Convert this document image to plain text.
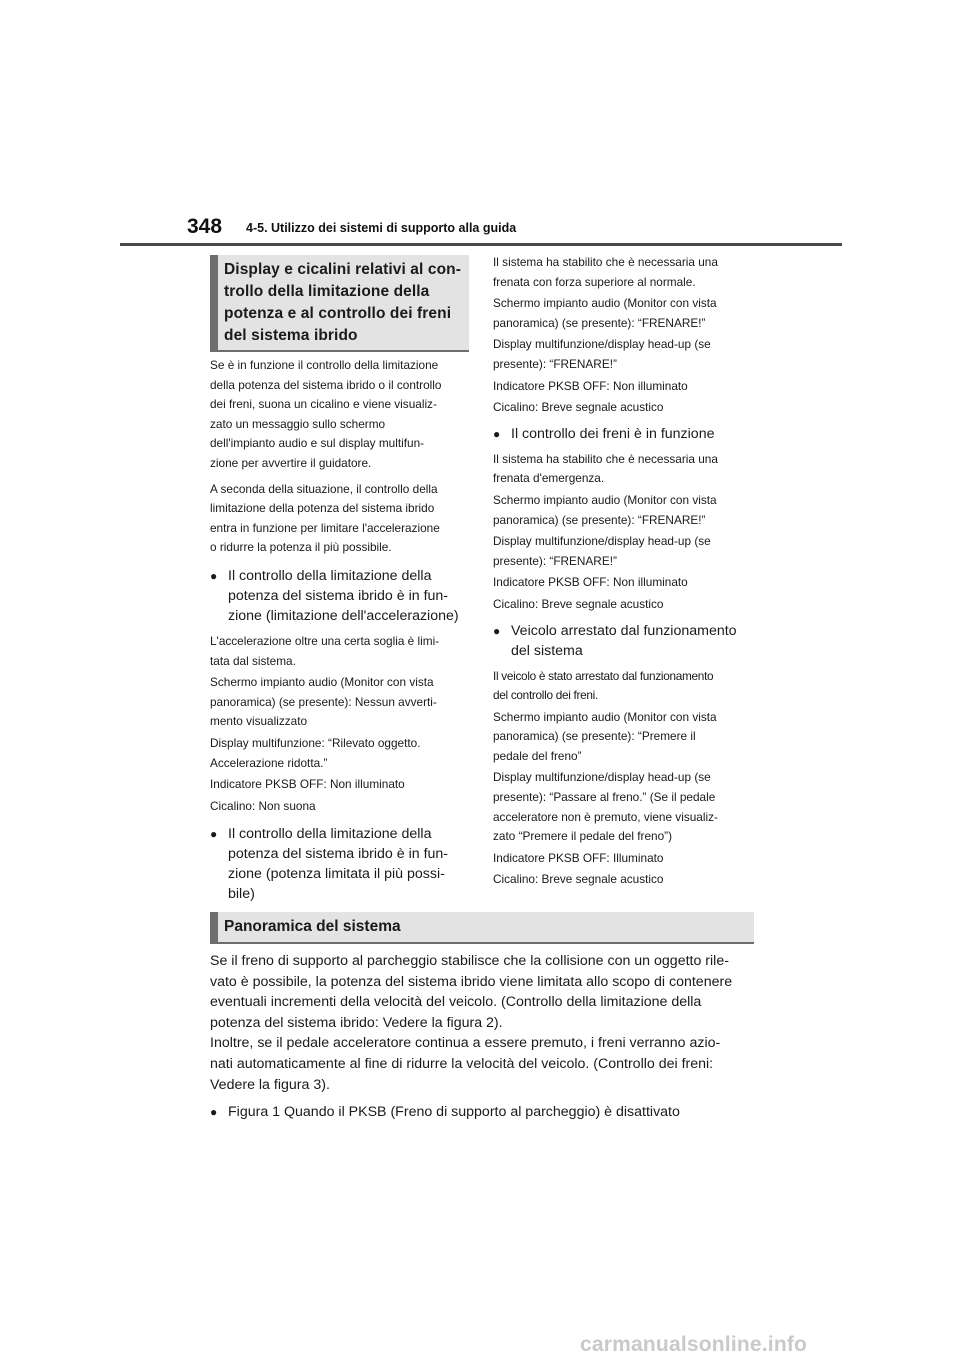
348 4-5. Utilizzo dei sistemi di supporto alla guida
Display e cicalini relativi al con-
trollo della limitazione della
potenza e al controllo dei freni
del sistema ibrido

Se è in funzione il controllo della limitazione
della potenza del sistema ibrido o il controllo
dei freni, suona un cicalino e viene visualiz-
zato un messaggio sullo schermo
dell'impianto audio e sul display multifun-
zione per avvertire il guidatore.

A seconda della situazione, il controllo della
limitazione della potenza del sistema ibrido
entra in funzione per limitare l'accelerazione
o ridurre la potenza il più possibile.

● Il controllo della limitazione della
potenza del sistema ibrido è in fun-
zione (limitazione dell'accelerazione)

L'accelerazione oltre una certa soglia è limi-
tata dal sistema.

Schermo impianto audio (Monitor con vista
panoramica) (se presente): Nessun avverti-
mento visualizzato

Display multifunzione: “Rilevato oggetto.
Accelerazione ridotta.”

Indicatore PKSB OFF: Non illuminato

Cicalino: Non suona

● Il controllo della limitazione della
potenza del sistema ibrido è in fun-
zione (potenza limitata il più possi-
bile)

Il sistema ha stabilito che è necessaria una
frenata con forza superiore al normale.

Schermo impianto audio (Monitor con vista
panoramica) (se presente): “FRENARE!”

Display multifunzione/display head-up (se
presente): “FRENARE!”

Indicatore PKSB OFF: Non illuminato

Cicalino: Breve segnale acustico

● Il controllo dei freni è in funzione

Il sistema ha stabilito che è necessaria una
frenata d'emergenza.

Schermo impianto audio (Monitor con vista
panoramica) (se presente): “FRENARE!”

Display multifunzione/display head-up (se
presente): “FRENARE!”

Indicatore PKSB OFF: Non illuminato

Cicalino: Breve segnale acustico

● Veicolo arrestato dal funzionamento
del sistema

Il veicolo è stato arrestato dal funzionamento
del controllo dei freni.

Schermo impianto audio (Monitor con vista
panoramica) (se presente): “Premere il
pedale del freno”

Display multifunzione/display head-up (se
presente): “Passare al freno.” (Se il pedale
acceleratore non è premuto, viene visualiz-
zato “Premere il pedale del freno”)

Indicatore PKSB OFF: Illuminato

Cicalino: Breve segnale acustico

Panoramica del sistema

Se il freno di supporto al parcheggio stabilisce che la collisione con un oggetto rile-
vato è possibile, la potenza del sistema ibrido viene limitata allo scopo di contenere
eventuali incrementi della velocità del veicolo. (Controllo della limitazione della
potenza del sistema ibrido: Vedere la figura 2).
Inoltre, se il pedale acceleratore continua a essere premuto, i freni verranno azio-
nati automaticamente al fine di ridurre la velocità del veicolo. (Controllo dei freni:
Vedere la figura 3).

● Figura 1 Quando il PKSB (Freno di supporto al parcheggio) è disattivato
carmanualsonline.info
